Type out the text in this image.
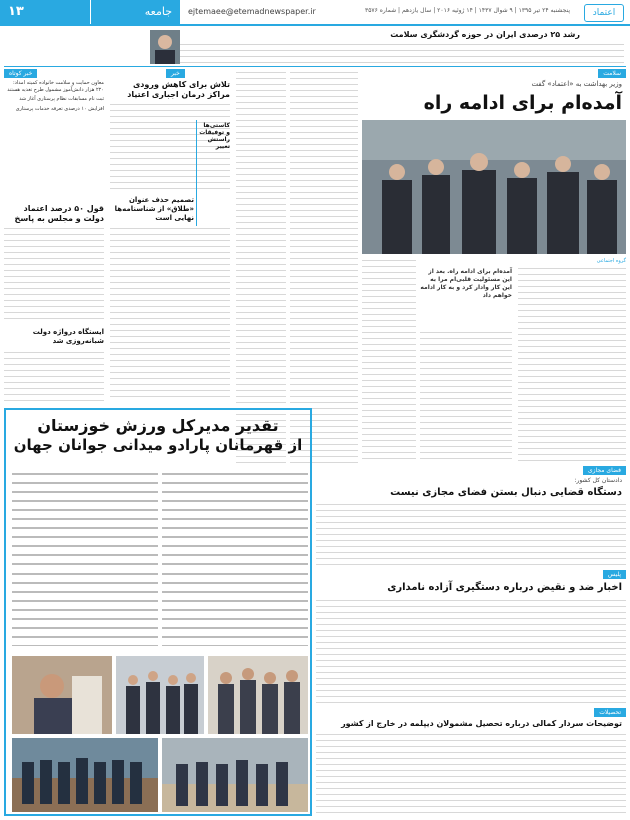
۱۳	جامعه	ejtemaee@etemadnewspaper.ir	پنجشنبه ۲۴ تیر ۱۳۹۵ | ۹ شوال ۱۴۳۷ | ۱۴ ژوئیه ۲۰۱۶ | سال یازدهم | شماره ۳۵۷۶	اعتماد
رشد ۲۵ درصدی ایران در حوزه گردشگری سلامت
سلامت
وزیر بهداشت به «اعتماد» گفت
آمده‌ام برای ادامه راه
گروه اجتماعی
آمده‌ام برای ادامه راه. بعد از این مسئولیت قلبی‌ام مرا به این کار وادار کرد و به کار ادامه خواهم داد
خبر
تلاش برای کاهش ورودی مراکز درمان اجباری اعتیاد
کاستی‌ها و توفیقات راستش تغییر
تصمیم حذف عنوان «طلاق» از شناسنامه‌ها نهایی است
خبر کوتاه
معاون حمایت و سلامت خانواده کمیته امداد: ۲۲۰ هزار دانش‌آموز مشمول طرح تغذیه هستند
ثبت نام مسابقات نظام پرستاری آغاز شد
افزایش ۱۰ درصدی تعرفه خدمات پرستاری
قول ۵۰ درصد اعتماد دولت و مجلس به پاسخ
ایستگاه درواژه دولت شبانه‌روزی شد
تقدیر مدیرکل ورزش خوزستان
از قهرمانان پارادو میدانی جوانان جهان
فضای مجازی
دادستان کل کشور:
دستگاه قضایی دنبال بستن فضای مجازی نیست
پلیس
اخبار ضد و نقیض درباره دستگیری آزاده نامداری
تحصیلات
توضیحات سردار کمالی درباره تحصیل مشمولان دیپلمه در خارج از کشور
